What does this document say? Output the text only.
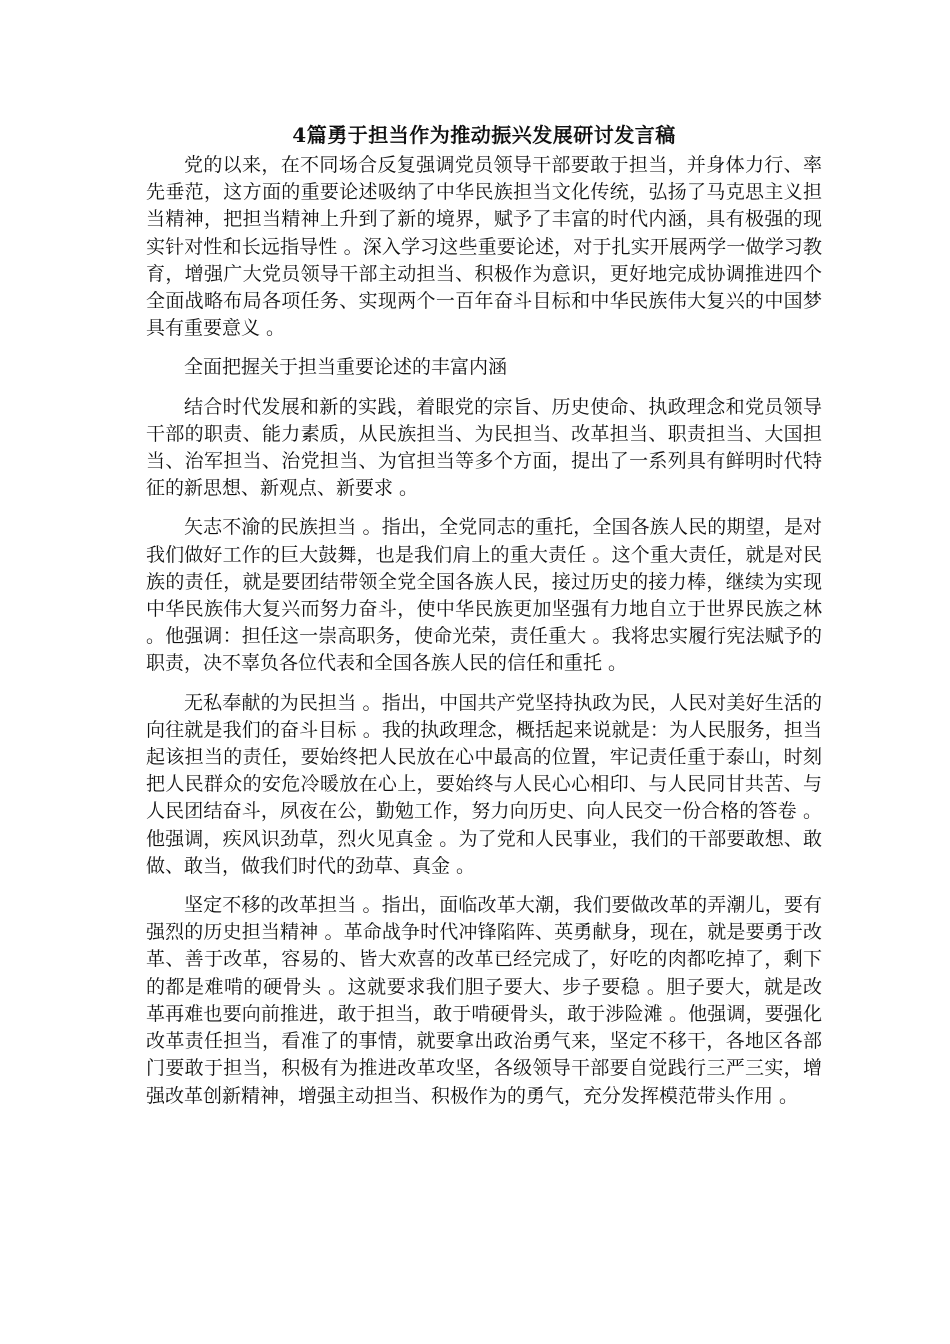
4篇勇于担当作为推动振兴发展研讨发言稿

党的以来，在不同场合反复强调党员领导干部要敢于担当，并身体力行、率先垂范，这方面的重要论述吸纳了中华民族担当文化传统，弘扬了马克思主义担当精神，把担当精神上升到了新的境界，赋予了丰富的时代内涵，具有极强的现实针对性和长远指导性 。深入学习这些重要论述，对于扎实开展两学一做学习教育，增强广大党员领导干部主动担当、积极作为意识，更好地完成协调推进四个全面战略布局各项任务、实现两个一百年奋斗目标和中华民族伟大复兴的中国梦具有重要意义 。

全面把握关于担当重要论述的丰富内涵

结合时代发展和新的实践，着眼党的宗旨、历史使命、执政理念和党员领导干部的职责、能力素质，从民族担当、为民担当、改革担当、职责担当、大国担当、治军担当、治党担当、为官担当等多个方面，提出了一系列具有鲜明时代特征的新思想、新观点、新要求 。

矢志不渝的民族担当 。指出，全党同志的重托，全国各族人民的期望，是对我们做好工作的巨大鼓舞，也是我们肩上的重大责任 。这个重大责任，就是对民族的责任，就是要团结带领全党全国各族人民，接过历史的接力棒，继续为实现中华民族伟大复兴而努力奋斗，使中华民族更加坚强有力地自立于世界民族之林 。他强调：担任这一崇高职务，使命光荣，责任重大 。我将忠实履行宪法赋予的职责，决不辜负各位代表和全国各族人民的信任和重托 。

无私奉献的为民担当 。指出，中国共产党坚持执政为民，人民对美好生活的向往就是我们的奋斗目标 。我的执政理念，概括起来说就是：为人民服务，担当起该担当的责任，要始终把人民放在心中最高的位置，牢记责任重于泰山，时刻把人民群众的安危冷暖放在心上，要始终与人民心心相印、与人民同甘共苦、与人民团结奋斗，夙夜在公，勤勉工作，努力向历史、向人民交一份合格的答卷 。他强调，疾风识劲草，烈火见真金 。为了党和人民事业，我们的干部要敢想、敢做、敢当，做我们时代的劲草、真金 。

坚定不移的改革担当 。指出，面临改革大潮，我们要做改革的弄潮儿，要有强烈的历史担当精神 。革命战争时代冲锋陷阵、英勇献身，现在，就是要勇于改革、善于改革，容易的、皆大欢喜的改革已经完成了，好吃的肉都吃掉了，剩下的都是难啃的硬骨头 。这就要求我们胆子要大、步子要稳 。胆子要大，就是改革再难也要向前推进，敢于担当，敢于啃硬骨头，敢于涉险滩 。他强调，要强化改革责任担当，看准了的事情，就要拿出政治勇气来，坚定不移干，各地区各部门要敢于担当，积极有为推进改革攻坚，各级领导干部要自觉践行三严三实，增强改革创新精神，增强主动担当、积极作为的勇气，充分发挥模范带头作用 。
